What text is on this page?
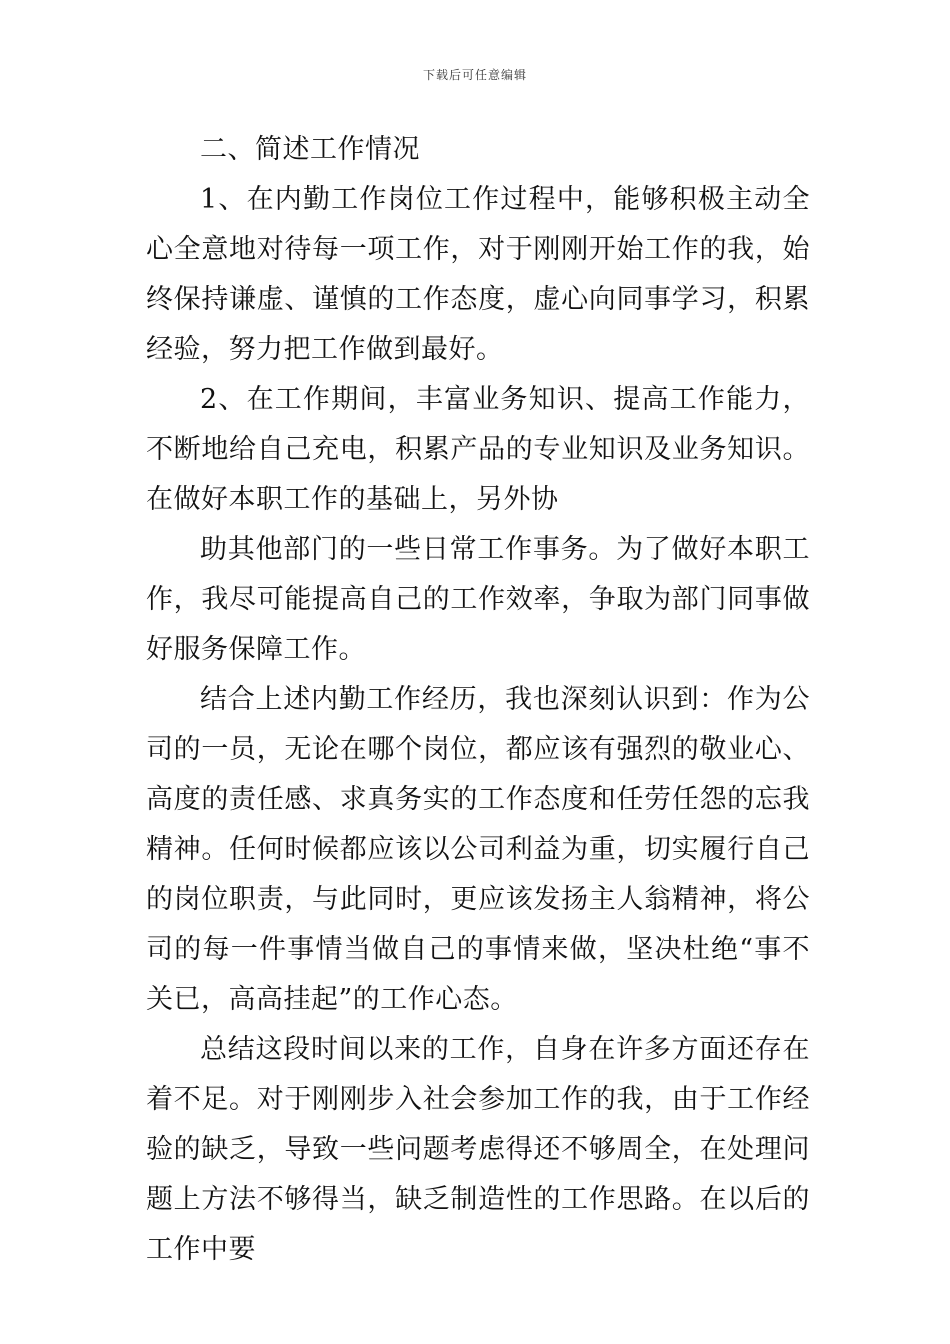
下载后可任意编辑

二、简述工作情况

1、在内勤工作岗位工作过程中，能够积极主动全心全意地对待每一项工作，对于刚刚开始工作的我，始终保持谦虚、谨慎的工作态度，虚心向同事学习，积累经验，努力把工作做到最好。

2、在工作期间，丰富业务知识、提高工作能力，不断地给自己充电，积累产品的专业知识及业务知识。在做好本职工作的基础上，另外协

助其他部门的一些日常工作事务。为了做好本职工作，我尽可能提高自己的工作效率，争取为部门同事做好服务保障工作。

结合上述内勤工作经历，我也深刻认识到：作为公司的一员，无论在哪个岗位，都应该有强烈的敬业心、高度的责任感、求真务实的工作态度和任劳任怨的忘我精神。任何时候都应该以公司利益为重，切实履行自己的岗位职责，与此同时，更应该发扬主人翁精神，将公司的每一件事情当做自己的事情来做，坚决杜绝“事不关已，高高挂起”的工作心态。

总结这段时间以来的工作，自身在许多方面还存在着不足。对于刚刚步入社会参加工作的我，由于工作经验的缺乏，导致一些问题考虑得还不够周全，在处理问题上方法不够得当，缺乏制造性的工作思路。在以后的工作中要
